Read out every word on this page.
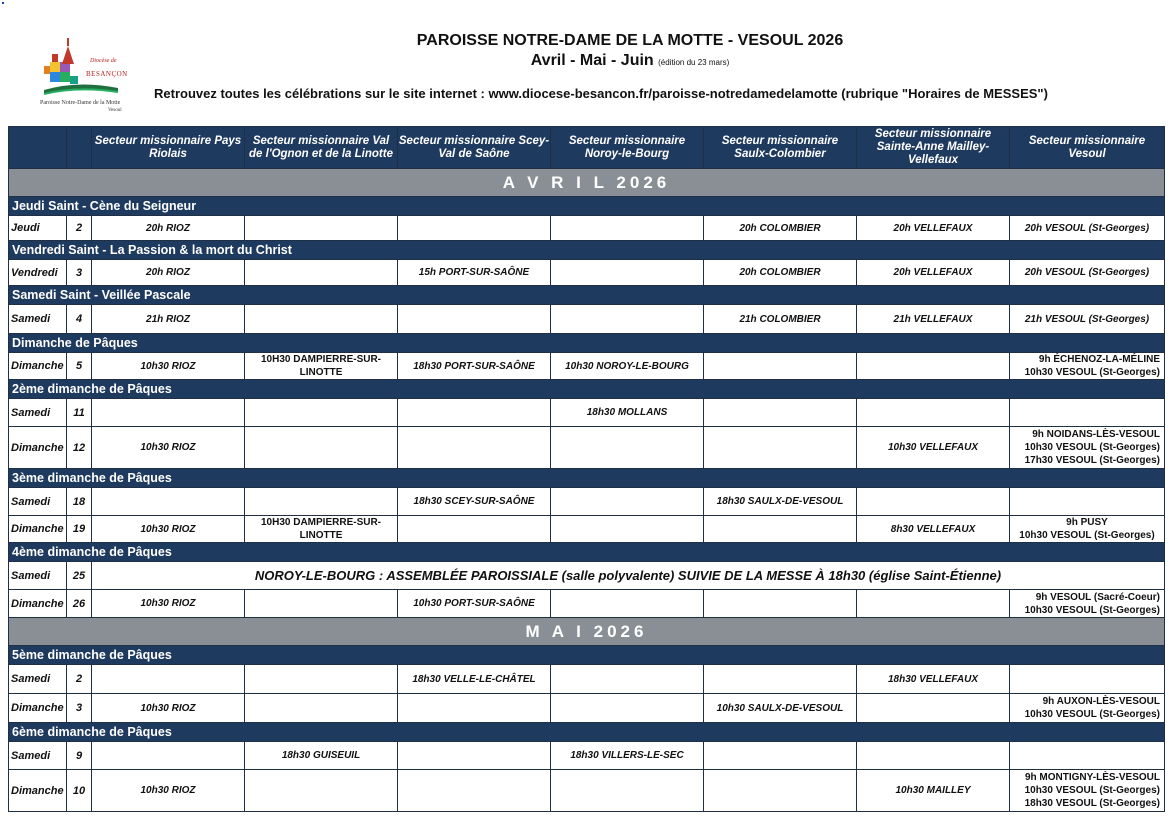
Diocèse de
BESANÇON
Paroisse Notre-Dame de la Motte
Vesoul
PAROISSE NOTRE-DAME DE LA MOTTE - VESOUL 2026
Avril - Mai - Juin (édition du 23 mars)
Retrouvez toutes les célébrations sur le site internet : www.diocese-besancon.fr/paroisse-notredamedelamotte (rubrique "Horaires de MESSES")
		Secteur missionnaire Pays Riolais	Secteur missionnaire Val de l'Ognon et de la Linotte	Secteur missionnaire Scey-Val de Saône	Secteur missionnaire Noroy-le-Bourg	Secteur missionnaire Saulx-Colombier	Secteur missionnaire Sainte-Anne Mailley-Vellefaux	Secteur missionnaire Vesoul
A V R I L 2026								
Jeudi Saint - Cène du Seigneur								
Jeudi	2	20h RIOZ				20h COLOMBIER	20h VELLEFAUX	20h VESOUL (St-Georges)
Vendredi Saint - La Passion & la mort du Christ								
Vendredi	3	20h RIOZ		15h PORT-SUR-SAÔNE		20h COLOMBIER	20h VELLEFAUX	20h VESOUL (St-Georges)
Samedi Saint - Veillée Pascale								
Samedi	4	21h RIOZ				21h COLOMBIER	21h VELLEFAUX	21h VESOUL (St-Georges)
Dimanche de Pâques								
Dimanche	5	10h30 RIOZ	10H30 DAMPIERRE-SUR-LINOTTE	18h30 PORT-SUR-SAÔNE	10h30 NOROY-LE-BOURG			9h ÉCHENOZ-LA-MÉLINE
10h30 VESOUL (St-Georges)

2ème dimanche de Pâques								
Samedi	11				18h30 MOLLANS			
Dimanche	12	10h30 RIOZ					10h30 VELLEFAUX	9h NOIDANS-LÈS-VESOUL
10h30 VESOUL (St-Georges)
17h30 VESOUL (St-Georges)

3ème dimanche de Pâques								
Samedi	18			18h30 SCEY-SUR-SAÔNE		18h30 SAULX-DE-VESOUL		
Dimanche	19	10h30 RIOZ	10H30 DAMPIERRE-SUR-LINOTTE				8h30 VELLEFAUX	9h PUSY
10h30 VESOUL (St-Georges)

4ème dimanche de Pâques								
Samedi	25	NOROY-LE-BOURG : ASSEMBLÉE PAROISSIALE (salle polyvalente) SUIVIE DE LA MESSE À 18h30 (église Saint-Étienne)						
Dimanche	26	10h30 RIOZ		10h30 PORT-SUR-SAÔNE				9h VESOUL (Sacré-Coeur)
10h30 VESOUL (St-Georges)

M A I 2026								
5ème dimanche de Pâques								
Samedi	2			18h30 VELLE-LE-CHÂTEL			18h30 VELLEFAUX	
Dimanche	3	10h30 RIOZ				10h30 SAULX-DE-VESOUL		9h AUXON-LÈS-VESOUL
10h30 VESOUL (St-Georges)

6ème dimanche de Pâques								
Samedi	9		18h30 GUISEUIL		18h30 VILLERS-LE-SEC			
Dimanche	10	10h30 RIOZ					10h30 MAILLEY	9h MONTIGNY-LÈS-VESOUL
10h30 VESOUL (St-Georges)
18h30 VESOUL (St-Georges)
